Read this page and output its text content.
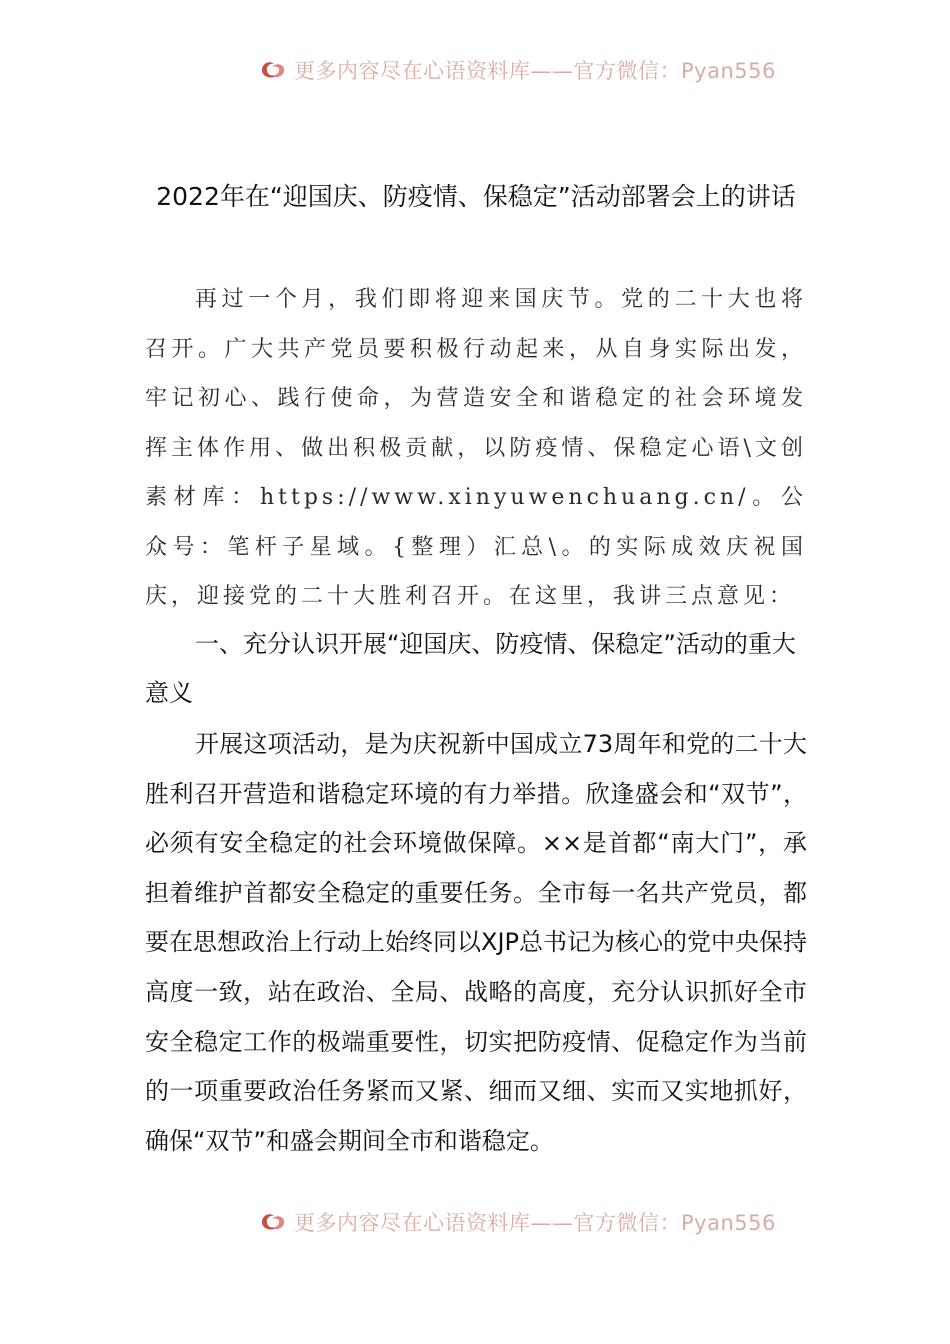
更多内容尽在心语资料库——官方微信：Pyan556
2022年在“迎国庆、防疫情、保稳定”活动部署会上的讲话

再过一个月，我们即将迎来国庆节。党的二十大也将召开。广大共产党员要积极行动起来，从自身实际出发，牢记初心、践行使命，为营造安全和谐稳定的社会环境发挥主体作用、做出积极贡献，以防疫情、保稳定心语\文创素材库：https://www.xinyuwenchuang.cn/。公众号：笔杆子星域。{整理）汇总\。的实际成效庆祝国庆，迎接党的二十大胜利召开。在这里，我讲三点意见：

一、充分认识开展“迎国庆、防疫情、保稳定”活动的重大意义

开展这项活动，是为庆祝新中国成立73周年和党的二十大胜利召开营造和谐稳定环境的有力举措。欣逢盛会和“双节”，必须有安全稳定的社会环境做保障。××是首都“南大门”，承担着维护首都安全稳定的重要任务。全市每一名共产党员，都要在思想政治上行动上始终同以XJP总书记为核心的党中央保持高度一致，站在政治、全局、战略的高度，充分认识抓好全市安全稳定工作的极端重要性，切实把防疫情、促稳定作为当前的一项重要政治任务紧而又紧、细而又细、实而又实地抓好，确保“双节”和盛会期间全市和谐稳定。

更多内容尽在心语资料库——官方微信：Pyan556
